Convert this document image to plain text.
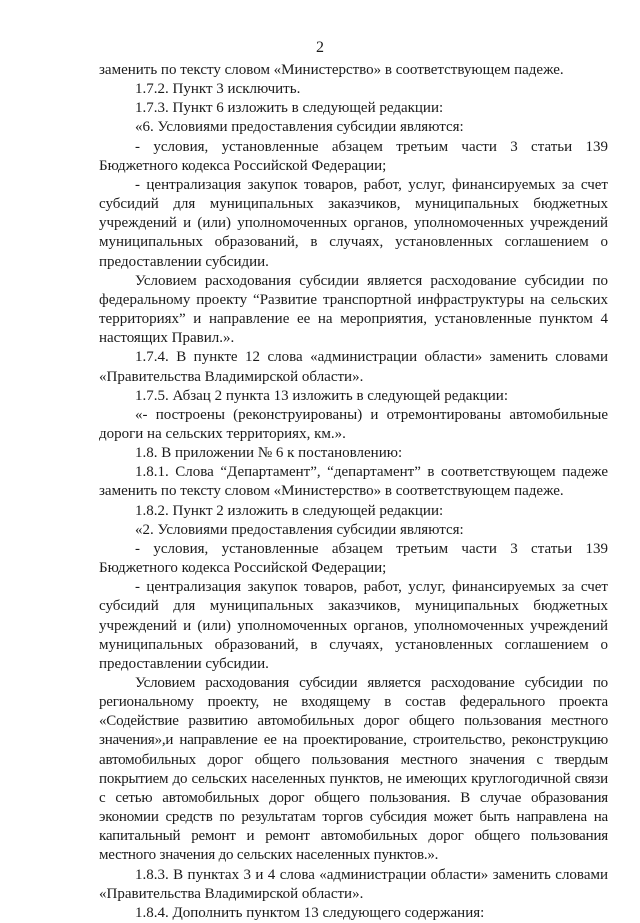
2

заменить по тексту словом «Министерство» в соответствующем падеже.

1.7.2. Пункт 3 исключить.

1.7.3. Пункт 6 изложить в следующей редакции:

«6. Условиями предоставления субсидии являются:

- условия, установленные абзацем третьим части 3 статьи 139 Бюджетного кодекса Российской Федерации;

- централизация закупок товаров, работ, услуг, финансируемых за счет субсидий для муниципальных заказчиков, муниципальных бюджетных учреждений и (или) уполномоченных органов, уполномоченных учреждений муниципальных образований, в случаях, установленных соглашением о предоставлении субсидии.

Условием расходования субсидии является расходование субсидии по федеральному проекту “Развитие транспортной инфраструктуры на сельских территориях” и направление ее на мероприятия, установленные пунктом 4 настоящих Правил.».

1.7.4. В пункте 12 слова «администрации области» заменить словами «Правительства Владимирской области».

1.7.5. Абзац 2 пункта 13 изложить в следующей редакции:

«- построены (реконструированы) и отремонтированы автомобильные дороги на сельских территориях, км.».

1.8. В приложении № 6 к постановлению:

1.8.1. Слова “Департамент”, “департамент” в соответствующем падеже заменить по тексту словом «Министерство» в соответствующем падеже.

1.8.2. Пункт 2 изложить в следующей редакции:

«2. Условиями предоставления субсидии являются:

- условия, установленные абзацем третьим части 3 статьи 139 Бюджетного кодекса Российской Федерации;

- централизация закупок товаров, работ, услуг, финансируемых за счет субсидий для муниципальных заказчиков, муниципальных бюджетных учреждений и (или) уполномоченных органов, уполномоченных учреждений муниципальных образований, в случаях, установленных соглашением о предоставлении субсидии.

Условием расходования субсидии является расходование субсидии по региональному проекту, не входящему в состав федерального проекта «Содействие развитию автомобильных дорог общего пользования местного значения»,и направление ее на проектирование, строительство, реконструкцию автомобильных дорог общего пользования местного значения с твердым покрытием до сельских населенных пунктов, не имеющих круглогодичной связи с сетью автомобильных дорог общего пользования. В случае образования экономии средств по результатам торгов субсидия может быть направлена на капитальный ремонт и ремонт автомобильных дорог общего пользования местного значения до сельских населенных пунктов.».

1.8.3. В пунктах 3 и 4 слова «администрации области» заменить словами «Правительства Владимирской области».

1.8.4. Дополнить пунктом 13 следующего содержания:
